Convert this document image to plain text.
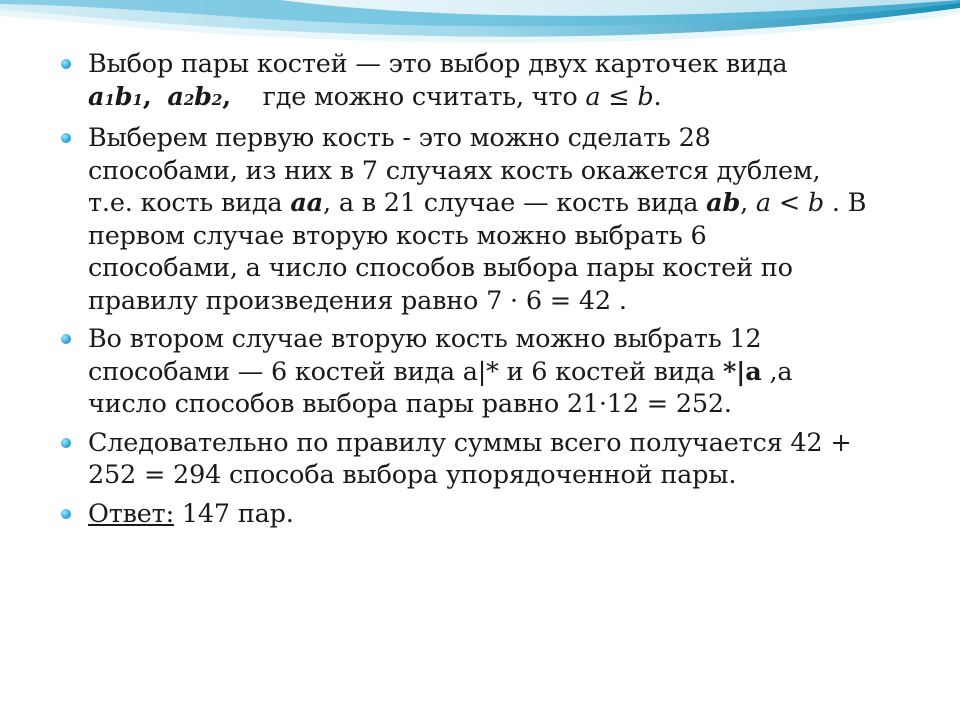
Выбор пары костей — это выбор двух карточек вида
a1b1, a2b2, где можно считать, что a ≤ b.
Выберем первую кость - это можно сделать 28
способами, из них в 7 случаях кость окажется дублем,
т.е. кость вида aa, а в 21 случае — кость вида ab, a < b . В
первом случае вторую кость можно выбрать 6
способами, а число способов выбора пары костей по
правилу произведения равно 7 · 6 = 42 .
Во втором случае вторую кость можно выбрать 12
способами — 6 костей вида a|* и 6 костей вида *|a ,а
число способов выбора пары равно 21·12 = 252.
Следовательно по правилу суммы всего получается 42 +
252 = 294 способа выбора упорядоченной пары.
Ответ: 147 пар.
